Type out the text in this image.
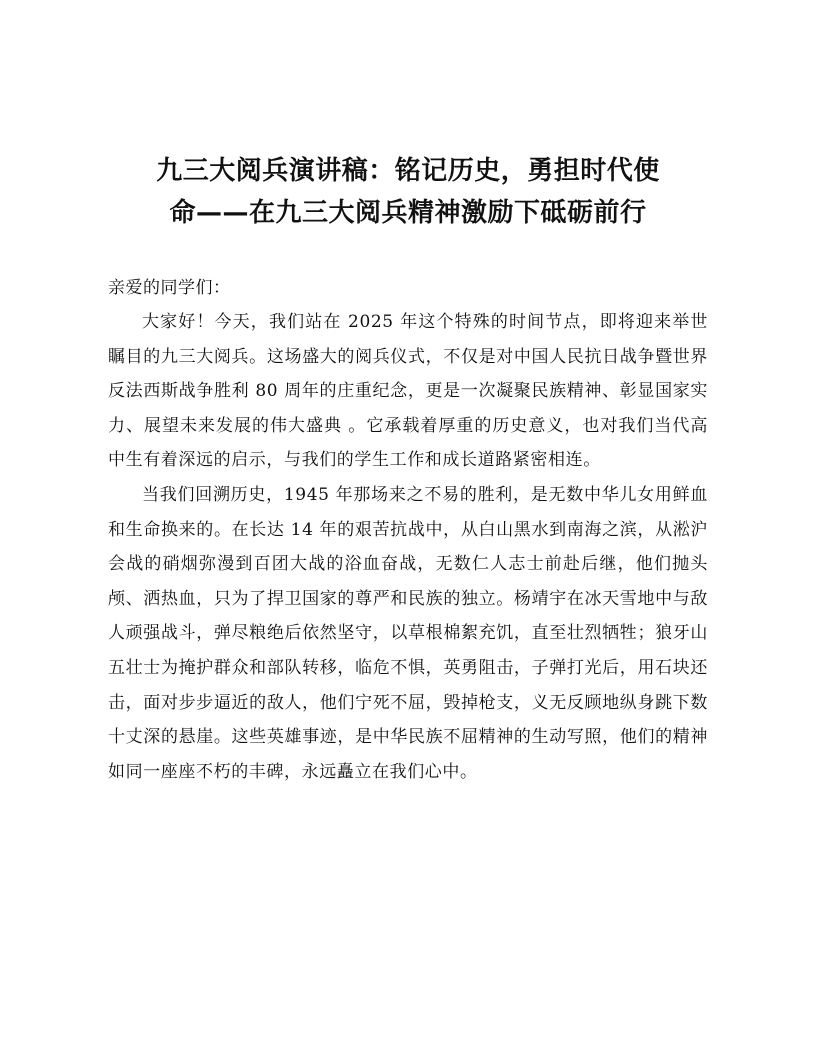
九三大阅兵演讲稿：铭记历史，勇担时代使
命——在九三大阅兵精神激励下砥砺前行

亲爱的同学们：

大家好！今天，我们站在 2025 年这个特殊的时间节点，即将迎来举世瞩目的九三大阅兵。这场盛大的阅兵仪式，不仅是对中国人民抗日战争暨世界反法西斯战争胜利 80 周年的庄重纪念，更是一次凝聚民族精神、彰显国家实力、展望未来发展的伟大盛典 。它承载着厚重的历史意义，也对我们当代高中生有着深远的启示，与我们的学生工作和成长道路紧密相连。

当我们回溯历史，1945 年那场来之不易的胜利，是无数中华儿女用鲜血和生命换来的。在长达 14 年的艰苦抗战中，从白山黑水到南海之滨，从淞沪会战的硝烟弥漫到百团大战的浴血奋战，无数仁人志士前赴后继，他们抛头颅、洒热血，只为了捍卫国家的尊严和民族的独立。杨靖宇在冰天雪地中与敌人顽强战斗，弹尽粮绝后依然坚守，以草根棉絮充饥，直至壮烈牺牲；狼牙山五壮士为掩护群众和部队转移，临危不惧，英勇阻击，子弹打光后，用石块还击，面对步步逼近的敌人，他们宁死不屈，毁掉枪支，义无反顾地纵身跳下数十丈深的悬崖。这些英雄事迹，是中华民族不屈精神的生动写照，他们的精神如同一座座不朽的丰碑，永远矗立在我们心中。
